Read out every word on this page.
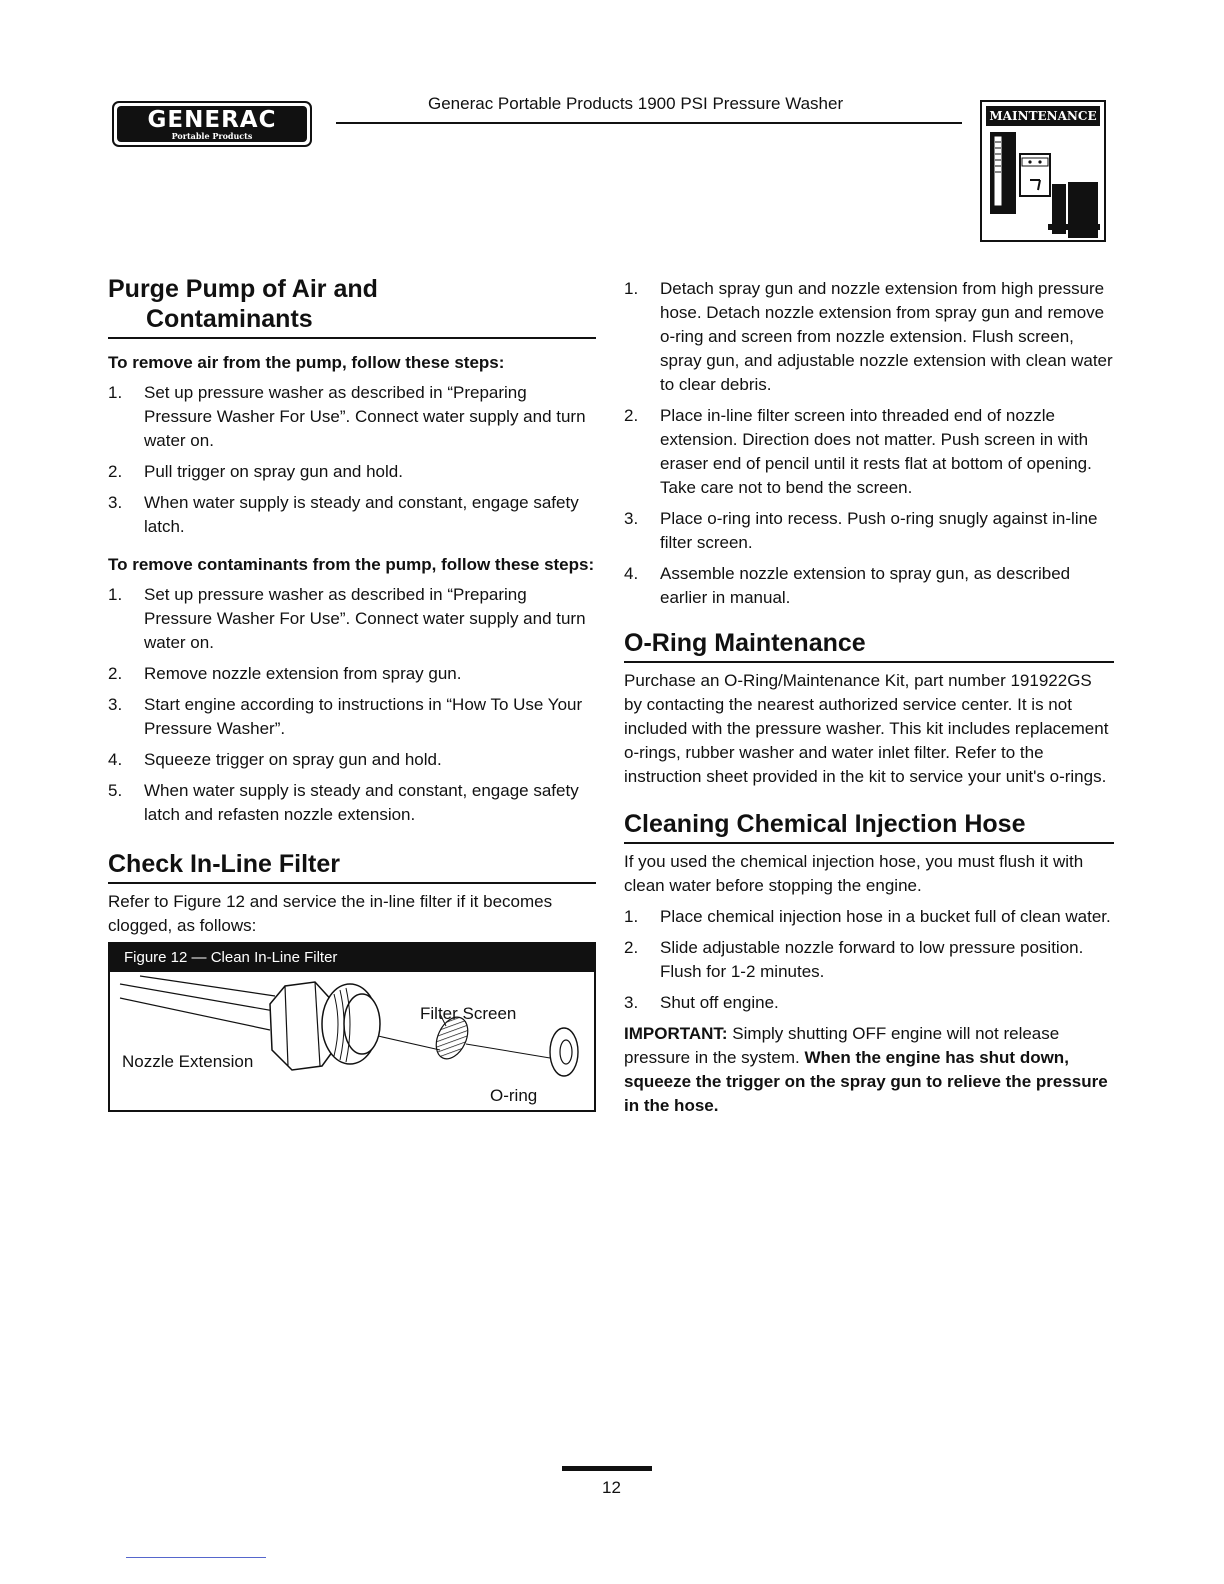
GENERAC
Portable Products
Generac Portable Products 1900 PSI Pressure Washer
MAINTENANCE
Purge Pump of Air and
Contaminants

To remove air from the pump, follow these steps:

1. Set up pressure washer as described in “Preparing Pressure Washer For Use”. Connect water supply and turn water on.
2. Pull trigger on spray gun and hold.
3. When water supply is steady and constant, engage safety latch.

To remove contaminants from the pump, follow these steps:

1. Set up pressure washer as described in “Preparing Pressure Washer For Use”. Connect water supply and turn water on.
2. Remove nozzle extension from spray gun.
3. Start engine according to instructions in “How To Use Your Pressure Washer”.
4. Squeeze trigger on spray gun and hold.
5. When water supply is steady and constant, engage safety latch and refasten nozzle extension.
Check In-Line Filter

Refer to Figure 12 and service the in-line filter if it becomes clogged, as follows:

Figure 12 — Clean In-Line Filter
Nozzle Extension
Filter Screen
O-ring
1. Detach spray gun and nozzle extension from high pressure hose. Detach nozzle extension from spray gun and remove o-ring and screen from nozzle extension. Flush screen, spray gun, and adjustable nozzle extension with clean water to clear debris.
2. Place in-line filter screen into threaded end of nozzle extension. Direction does not matter. Push screen in with eraser end of pencil until it rests flat at bottom of opening. Take care not to bend the screen.
3. Place o-ring into recess. Push o-ring snugly against in-line filter screen.
4. Assemble nozzle extension to spray gun, as described earlier in manual.
O-Ring Maintenance

Purchase an O-Ring/Maintenance Kit, part number 191922GS by contacting the nearest authorized service center. It is not included with the pressure washer. This kit includes replacement o-rings, rubber washer and water inlet filter. Refer to the instruction sheet provided in the kit to service your unit's o-rings.

Cleaning Chemical Injection Hose

If you used the chemical injection hose, you must flush it with clean water before stopping the engine.

1. Place chemical injection hose in a bucket full of clean water.
2. Slide adjustable nozzle forward to low pressure position. Flush for 1-2 minutes.
3. Shut off engine.

IMPORTANT: Simply shutting OFF engine will not release pressure in the system. When the engine has shut down, squeeze the trigger on the spray gun to relieve the pressure in the hose.

12
